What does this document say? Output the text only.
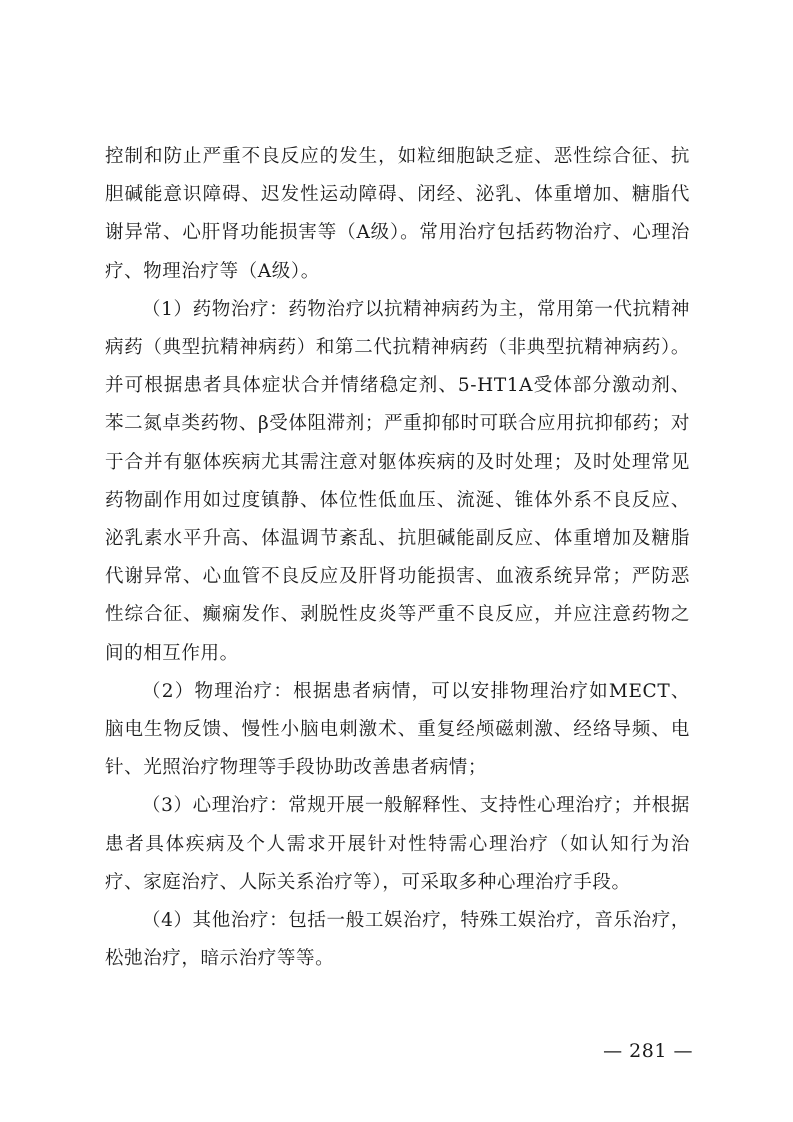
控制和防止严重不良反应的发生，如粒细胞缺乏症、恶性综合征、抗胆碱能意识障碍、迟发性运动障碍、闭经、泌乳、体重增加、糖脂代谢异常、心肝肾功能损害等（A级）。常用治疗包括药物治疗、心理治疗、物理治疗等（A级）。

（1）药物治疗：药物治疗以抗精神病药为主，常用第一代抗精神病药（典型抗精神病药）和第二代抗精神病药（非典型抗精神病药）。并可根据患者具体症状合并情绪稳定剂、5-HT1A受体部分激动剂、苯二氮卓类药物、β受体阻滞剂；严重抑郁时可联合应用抗抑郁药；对于合并有躯体疾病尤其需注意对躯体疾病的及时处理；及时处理常见药物副作用如过度镇静、体位性低血压、流涎、锥体外系不良反应、泌乳素水平升高、体温调节紊乱、抗胆碱能副反应、体重增加及糖脂代谢异常、心血管不良反应及肝肾功能损害、血液系统异常；严防恶性综合征、癫痫发作、剥脱性皮炎等严重不良反应，并应注意药物之间的相互作用。

（2）物理治疗：根据患者病情，可以安排物理治疗如MECT、脑电生物反馈、慢性小脑电刺激术、重复经颅磁刺激、经络导频、电针、光照治疗物理等手段协助改善患者病情；

（3）心理治疗：常规开展一般解释性、支持性心理治疗；并根据患者具体疾病及个人需求开展针对性特需心理治疗（如认知行为治疗、家庭治疗、人际关系治疗等），可采取多种心理治疗手段。

（4）其他治疗：包括一般工娱治疗，特殊工娱治疗，音乐治疗，松弛治疗，暗示治疗等等。

— 281 —
